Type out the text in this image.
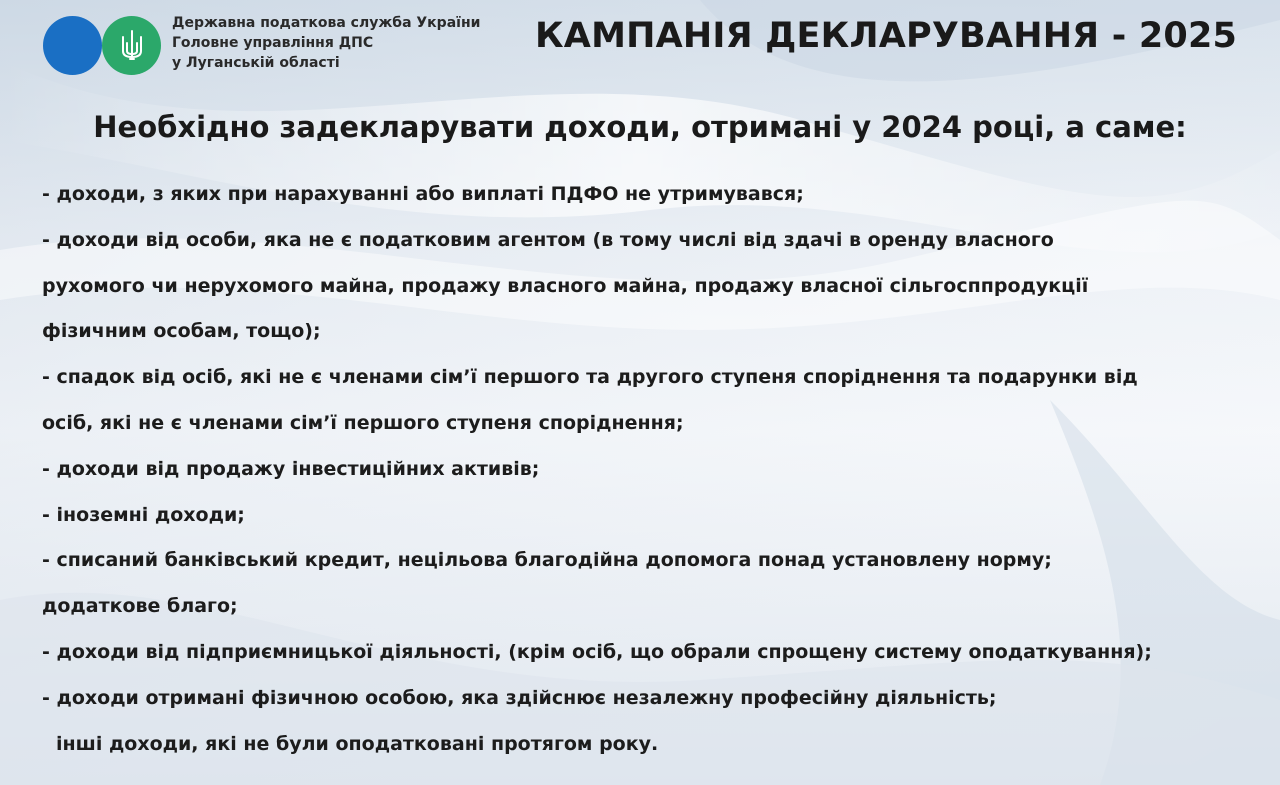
Державна податкова служба України
Головне управління ДПС
у Луганській області
КАМПАНІЯ ДЕКЛАРУВАННЯ - 2025
Необхідно задекларувати доходи, отримані у 2024 році, а саме:
- доходи, з яких при нарахуванні або виплаті ПДФО не утримувався;
- доходи від особи, яка не є податковим агентом (в тому числі від здачі в оренду власного
рухомого чи нерухомого майна, продажу власного майна, продажу власної сільгосппродукції
фізичним особам, тощо);
- спадок від осіб, які не є членами сім’ї першого та другого ступеня споріднення та подарунки від
осіб, які не є членами сім’ї першого ступеня споріднення;
- доходи від продажу інвестиційних активів;
- іноземні доходи;
- списаний банківський кредит, нецільова благодійна допомога понад установлену норму;
додаткове благо;
- доходи від підприємницької діяльності, (крім осіб, що обрали спрощену систему оподаткування);
- доходи отримані фізичною особою, яка здійснює незалежну професійну діяльність;
інші доходи, які не були оподатковані протягом року.
